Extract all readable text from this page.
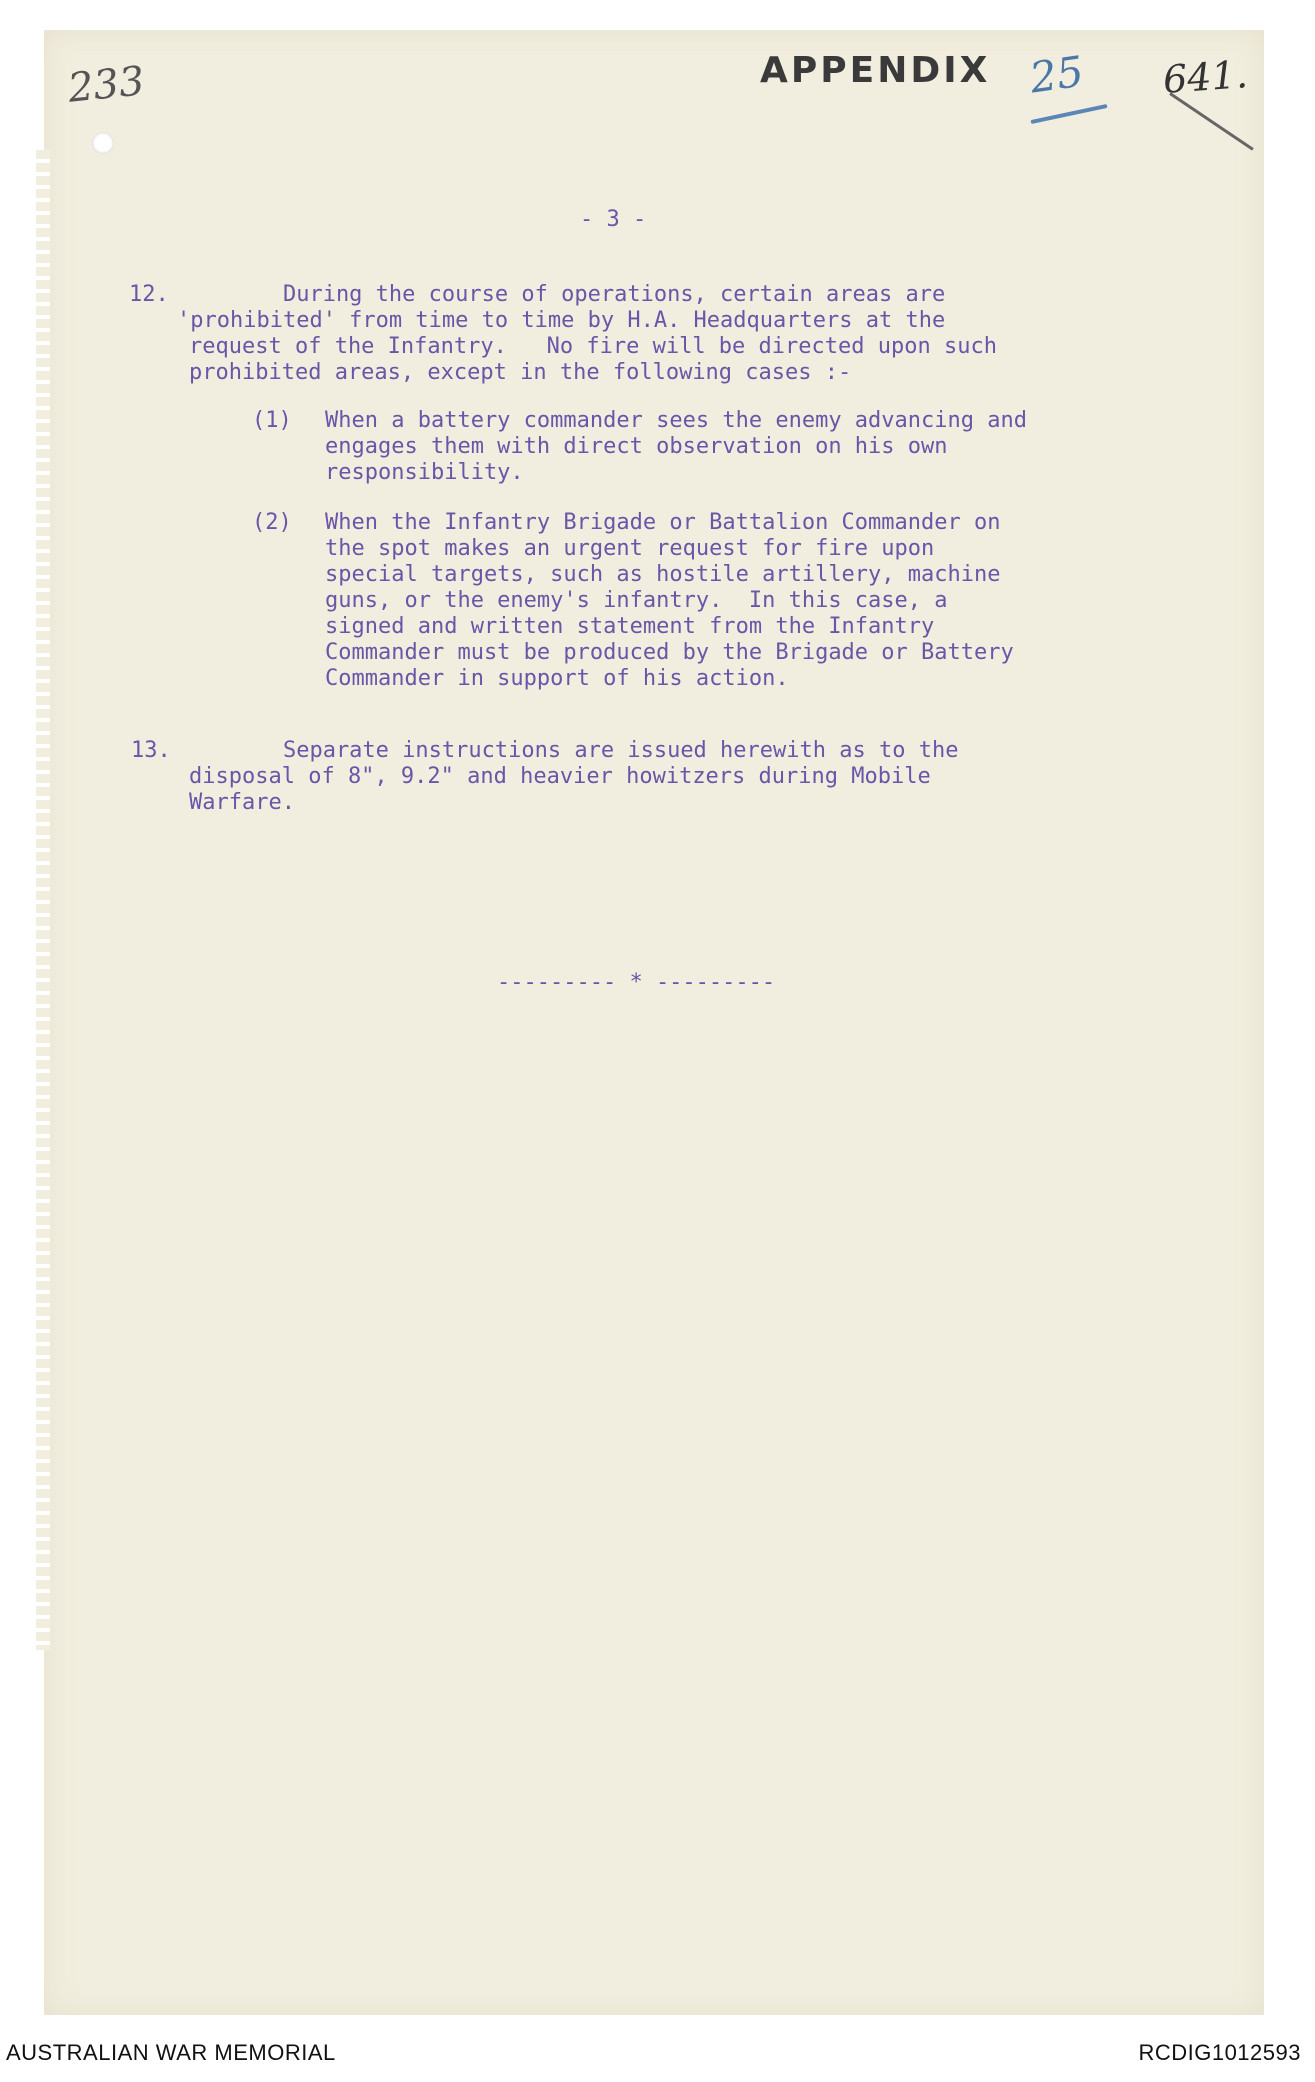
233	APPENDIX 25 641.
- 3 -
12. During the course of operations, certain areas are
'prohibited' from time to time by H.A. Headquarters at the
request of the Infantry.   No fire will be directed upon such
prohibited areas, except in the following cases :-
(1) When a battery commander sees the enemy advancing and
engages them with direct observation on his own
responsibility.
(2) When the Infantry Brigade or Battalion Commander on
the spot makes an urgent request for fire upon
special targets, such as hostile artillery, machine
guns, or the enemy's infantry.  In this case, a
signed and written statement from the Infantry
Commander must be produced by the Brigade or Battery
Commander in support of his action.
13. Separate instructions are issued herewith as to the
disposal of 8", 9.2" and heavier howitzers during Mobile
Warfare.
--------- * ---------
AUSTRALIAN WAR MEMORIAL	RCDIG1012593
